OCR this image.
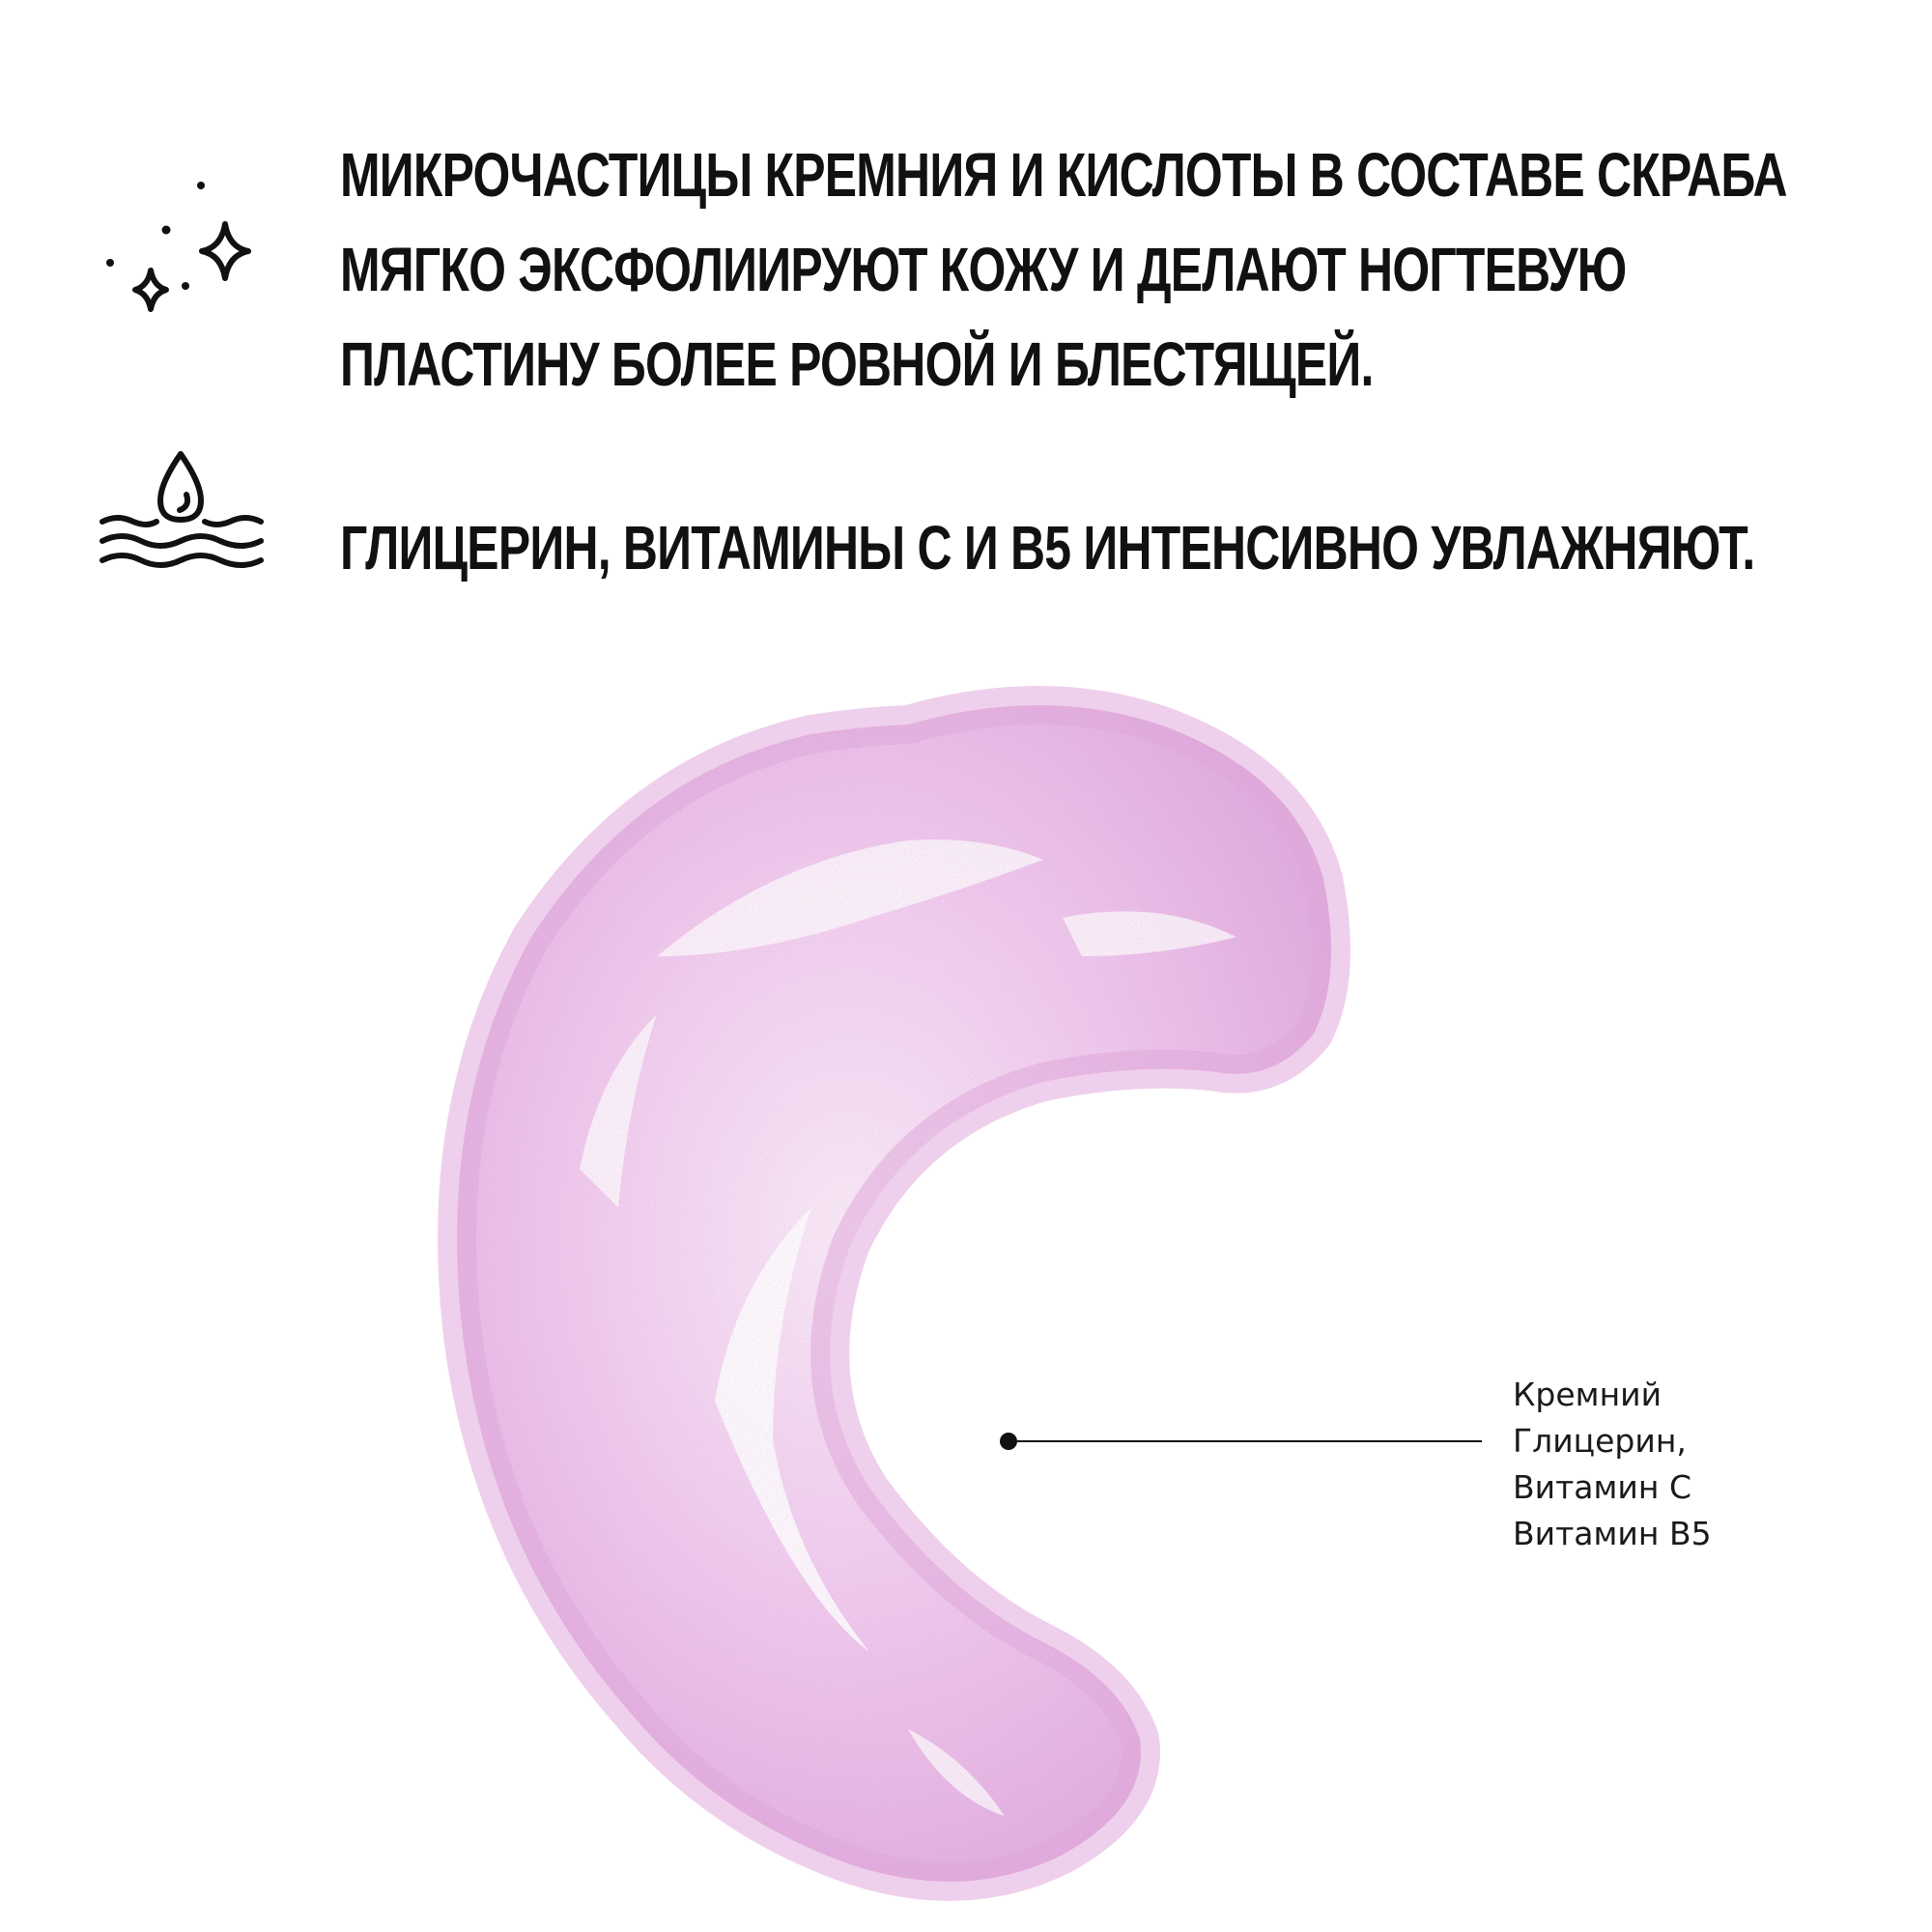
МИКРОЧАСТИЦЫ КРЕМНИЯ И КИСЛОТЫ В СОСТАВЕ СКРАБА
МЯГКО ЭКСФОЛИИРУЮТ КОЖУ И ДЕЛАЮТ НОГТЕВУЮ
ПЛАСТИНУ БОЛЕЕ РОВНОЙ И БЛЕСТЯЩЕЙ.

ГЛИЦЕРИН, ВИТАМИНЫ С И В5 ИНТЕНСИВНО УВЛАЖНЯЮТ.

Кремний
Глицерин,
Витамин С
Витамин В5
